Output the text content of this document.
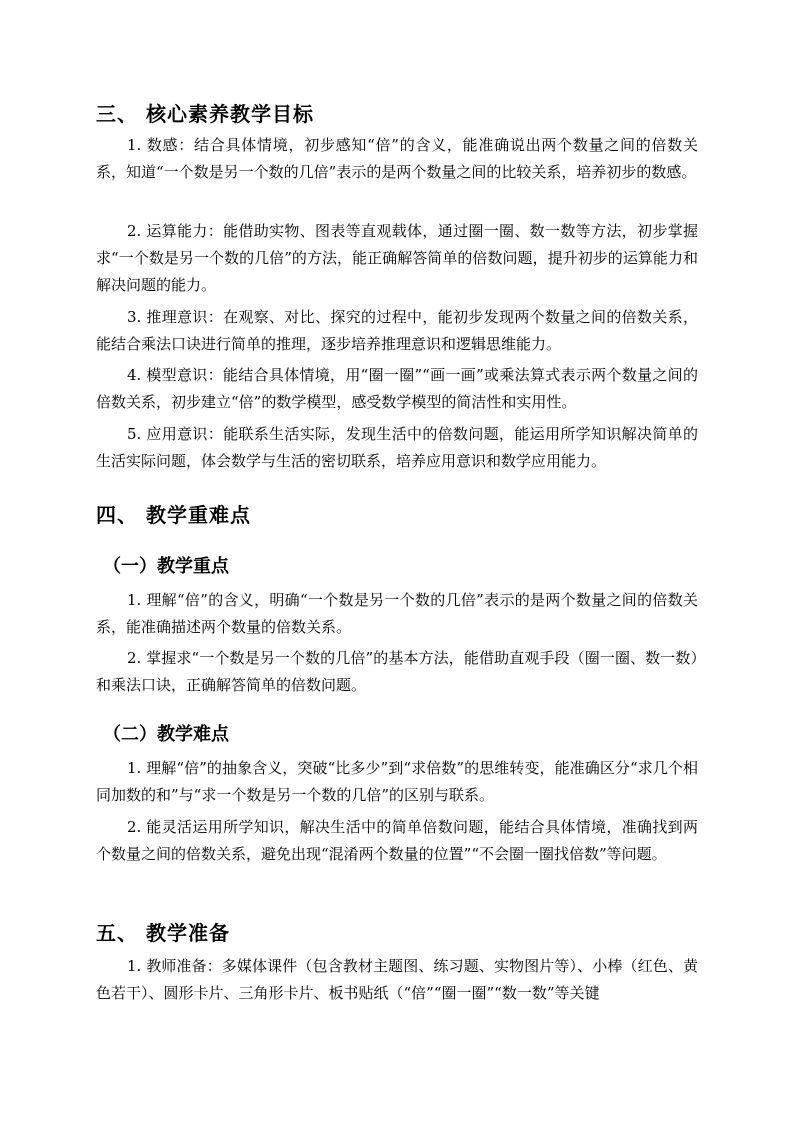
三、 核心素养教学目标

1. 数感：结合具体情境，初步感知“倍”的含义，能准确说出两个数量之间的倍数关系，知道“一个数是另一个数的几倍”表示的是两个数量之间的比较关系，培养初步的数感。

2. 运算能力：能借助实物、图表等直观载体，通过圈一圈、数一数等方法，初步掌握求“一个数是另一个数的几倍”的方法，能正确解答简单的倍数问题，提升初步的运算能力和解决问题的能力。

3. 推理意识：在观察、对比、探究的过程中，能初步发现两个数量之间的倍数关系，能结合乘法口诀进行简单的推理，逐步培养推理意识和逻辑思维能力。

4. 模型意识：能结合具体情境，用“圈一圈”“画一画”或乘法算式表示两个数量之间的倍数关系，初步建立“倍”的数学模型，感受数学模型的简洁性和实用性。

5. 应用意识：能联系生活实际，发现生活中的倍数问题，能运用所学知识解决简单的生活实际问题，体会数学与生活的密切联系，培养应用意识和数学应用能力。

四、 教学重难点
（一）教学重点

1. 理解“倍”的含义，明确“一个数是另一个数的几倍”表示的是两个数量之间的倍数关系，能准确描述两个数量的倍数关系。

2. 掌握求“一个数是另一个数的几倍”的基本方法，能借助直观手段（圈一圈、数一数）和乘法口诀，正确解答简单的倍数问题。

（二）教学难点

1. 理解“倍”的抽象含义，突破“比多少”到“求倍数”的思维转变，能准确区分“求几个相同加数的和”与“求一个数是另一个数的几倍”的区别与联系。

2. 能灵活运用所学知识，解决生活中的简单倍数问题，能结合具体情境，准确找到两个数量之间的倍数关系，避免出现“混淆两个数量的位置”“不会圈一圈找倍数”等问题。

五、 教学准备

1. 教师准备：多媒体课件（包含教材主题图、练习题、实物图片等）、小棒（红色、黄色若干）、圆形卡片、三角形卡片、板书贴纸（“倍”“圈一圈”“数一数”等关键
